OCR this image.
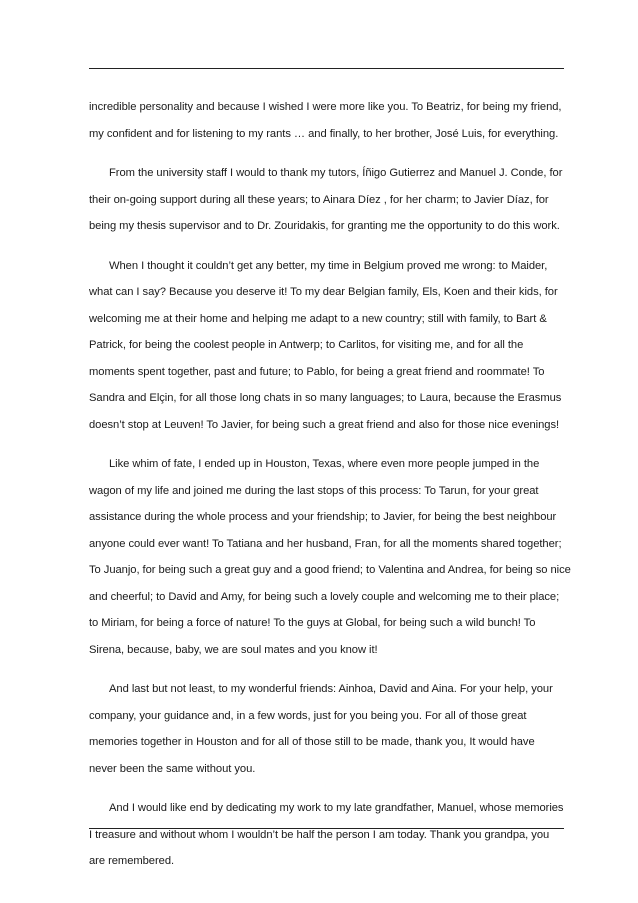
incredible personality and because I wished I were more like you. To Beatriz, for being my friend,
my confident and for listening to my rants … and finally, to her brother, José Luis, for everything.

From the university staff I would to thank my tutors, Íñigo Gutierrez and Manuel J. Conde, for
their on-going support during all these years; to Ainara Díez , for her charm; to Javier Díaz, for
being my thesis supervisor and to Dr. Zouridakis, for granting me the opportunity to do this work.

When I thought it couldn’t get any better, my time in Belgium proved me wrong: to Maider,
what can I say? Because you deserve it! To my dear Belgian family, Els, Koen and their kids, for
welcoming me at their home and helping me adapt to a new country; still with family, to Bart &
Patrick, for being the coolest people in Antwerp; to Carlitos, for visiting me, and for all the
moments spent together, past and future; to Pablo, for being a great friend and roommate! To
Sandra and Elçin, for all those long chats in so many languages; to Laura, because the Erasmus
doesn’t stop at Leuven! To Javier, for being such a great friend and also for those nice evenings!

Like whim of fate, I ended up in Houston, Texas, where even more people jumped in the
wagon of my life and joined me during the last stops of this process: To Tarun, for your great
assistance during the whole process and your friendship; to Javier, for being the best neighbour
anyone could ever want! To Tatiana and her husband, Fran, for all the moments shared together;
To Juanjo, for being such a great guy and a good friend; to Valentina and Andrea, for being so nice
and cheerful; to David and Amy, for being such a lovely couple and welcoming me to their place;
to Miriam, for being a force of nature! To the guys at Global, for being such a wild bunch! To
Sirena, because, baby, we are soul mates and you know it!

And last but not least, to my wonderful friends: Ainhoa, David and Aina. For your help, your
company, your guidance and, in a few words, just for you being you. For all of those great
memories together in Houston and for all of those still to be made, thank you, It would have
never been the same without you.

And I would like end by dedicating my work to my late grandfather, Manuel, whose memories
I treasure and without whom I wouldn’t be half the person I am today. Thank you grandpa, you
are remembered.
